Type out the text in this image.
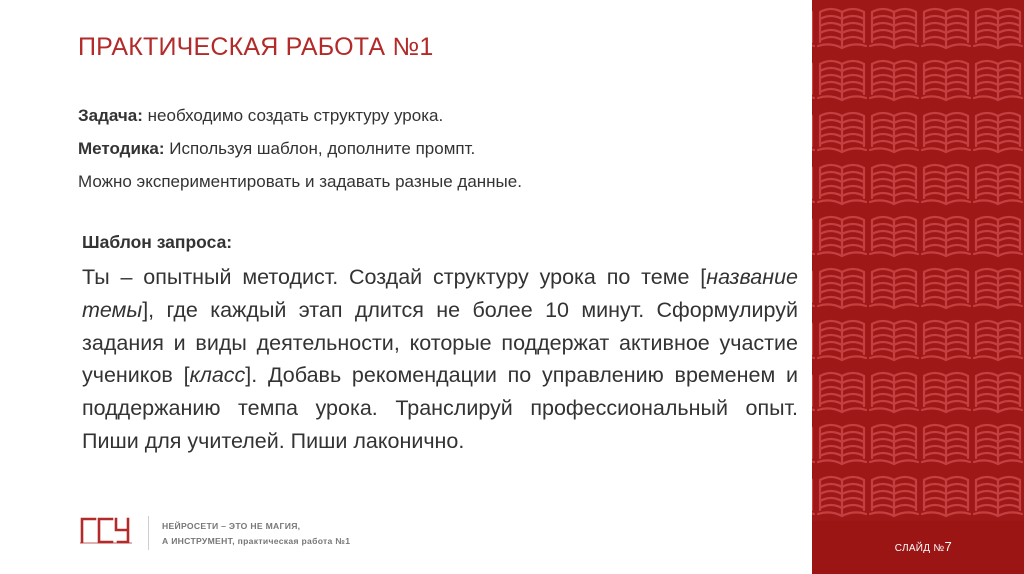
ПРАКТИЧЕСКАЯ РАБОТА №1
Задача: необходимо создать структуру урока.
Методика: Используя шаблон, дополните промпт.
Можно экспериментировать и задавать разные данные.
Шаблон запроса:
Ты – опытный методист. Создай структуру урока по теме [название темы], где каждый этап длится не более 10 минут. Сформулируй задания и виды деятельности, которые поддержат активное участие учеников [класс]. Добавь рекомендации по управлению временем и поддержанию темпа урока. Транслируй профессиональный опыт. Пиши для учителей. Пиши лаконично.
НЕЙРОСЕТИ – ЭТО НЕ МАГИЯ,
А ИНСТРУМЕНТ, практическая работа №1
СЛАЙД №7
